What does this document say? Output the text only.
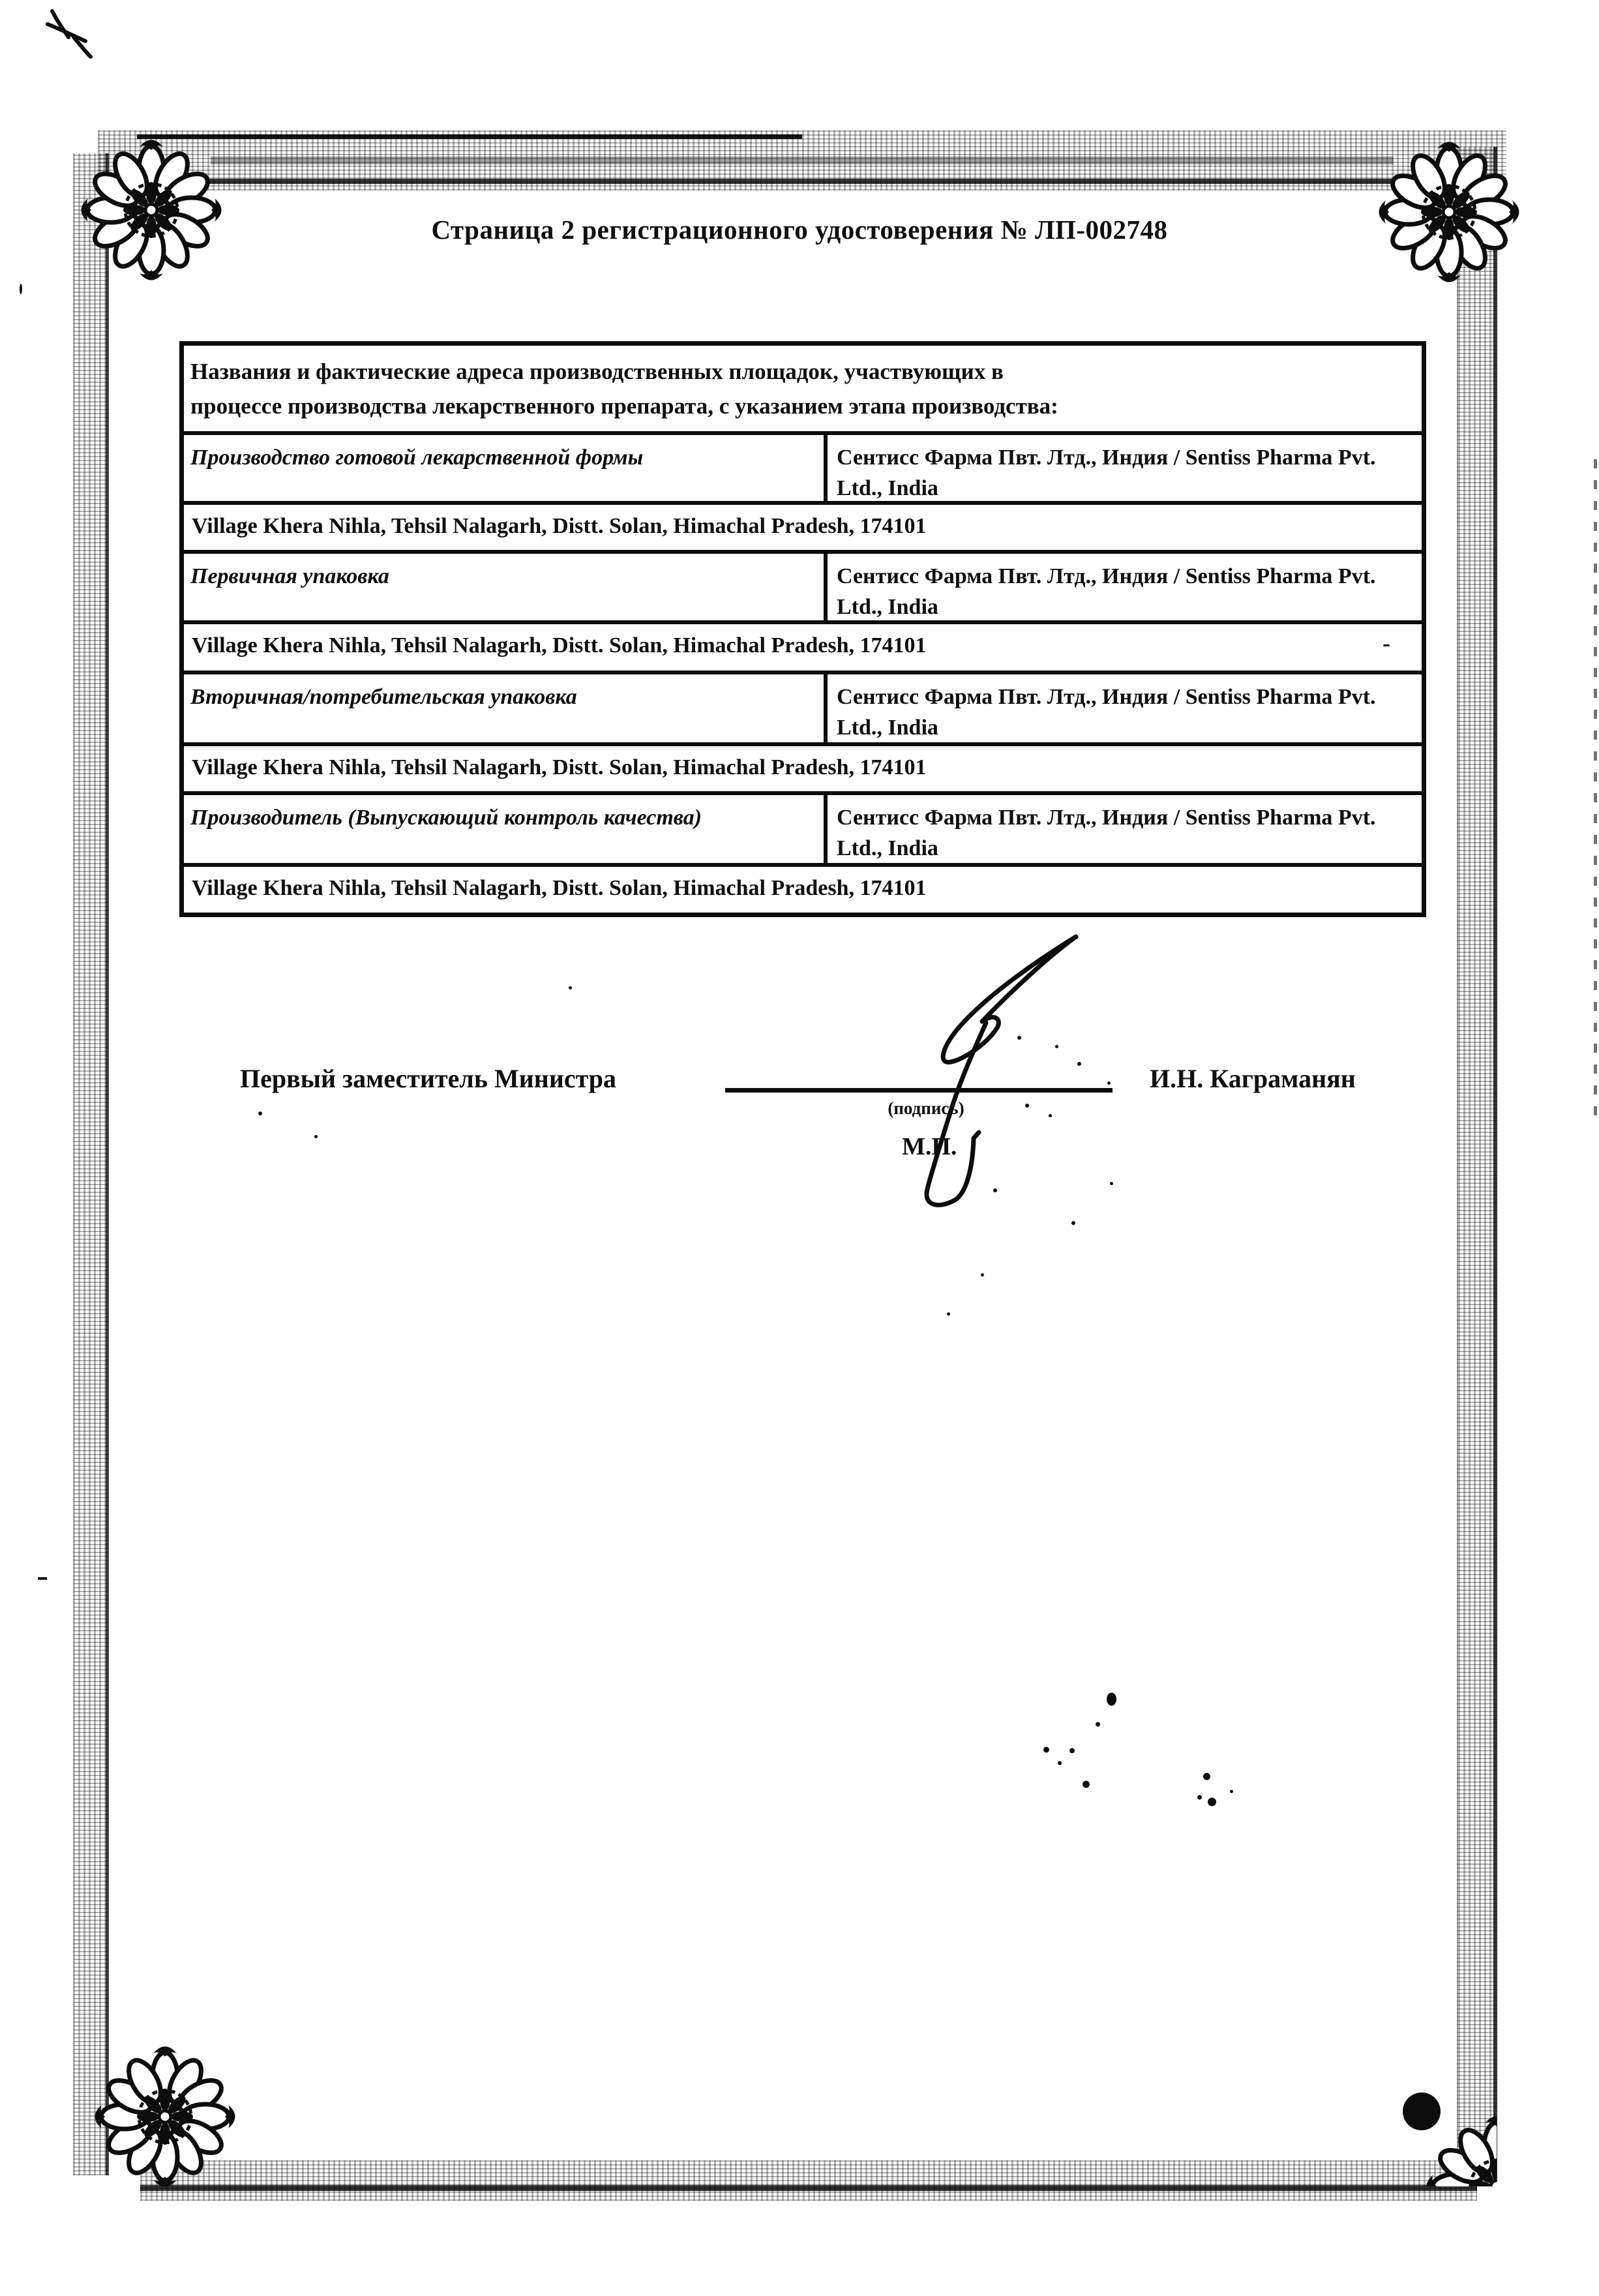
Страница 2 регистрационного удостоверения № ЛП-002748
Названия и фактические адреса производственных площадок, участвующих в процессе производства лекарственного препарата, с указанием этапа производства:
Производство готовой лекарственной формы	Сентисс Фарма Пвт. Лтд., Индия / Sentiss Pharma Pvt. Ltd., India
Village Khera Nihla, Tehsil Nalagarh, Distt. Solan, Himachal Pradesh, 174101
Первичная упаковка	Сентисс Фарма Пвт. Лтд., Индия / Sentiss Pharma Pvt. Ltd., India
Village Khera Nihla, Tehsil Nalagarh, Distt. Solan, Himachal Pradesh, 174101	-
Вторичная/потребительская упаковка	Сентисс Фарма Пвт. Лтд., Индия / Sentiss Pharma Pvt. Ltd., India
Village Khera Nihla, Tehsil Nalagarh, Distt. Solan, Himachal Pradesh, 174101
Производитель (Выпускающий контроль качества)	Сентисс Фарма Пвт. Лтд., Индия / Sentiss Pharma Pvt. Ltd., India
Village Khera Nihla, Tehsil Nalagarh, Distt. Solan, Himachal Pradesh, 174101
Первый заместитель Министра
(подпись)
М.П.
И.Н. Каграманян
